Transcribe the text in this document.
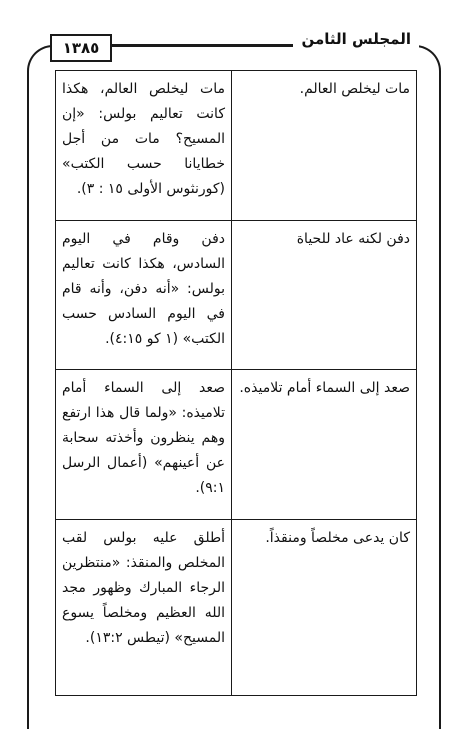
المجلس الثامن
١٣٨٥
مات ليخلص العالم.	مات ليخلص العالم، هكذا كانت تعاليم بولس: «إن المسيح؟ مات من أجل خطايانا حسب الكتب» (كورنثوس الأولى ١٥ : ٣).
دفن لكنه عاد للحياة	دفن وقام في اليوم السادس، هكذا كانت تعاليم بولس: «أنه دفن، وأنه قام في اليوم السادس حسب الكتب» (١ كو ٤:١٥).
صعد إلى السماء أمام تلاميذه.	صعد إلى السماء أمام تلاميذه: «ولما قال هذا ارتفع وهم ينظرون وأخذته سحابة عن أعينهم» (أعمال الرسل ٩:١).
كان يدعى مخلصاً ومنقذاً.	أطلق عليه بولس لقب المخلص والمنقذ: «منتظرين الرجاء المبارك وظهور مجد الله العظيم ومخلصاً يسوع المسيح» (تيطس ١٣:٢).
